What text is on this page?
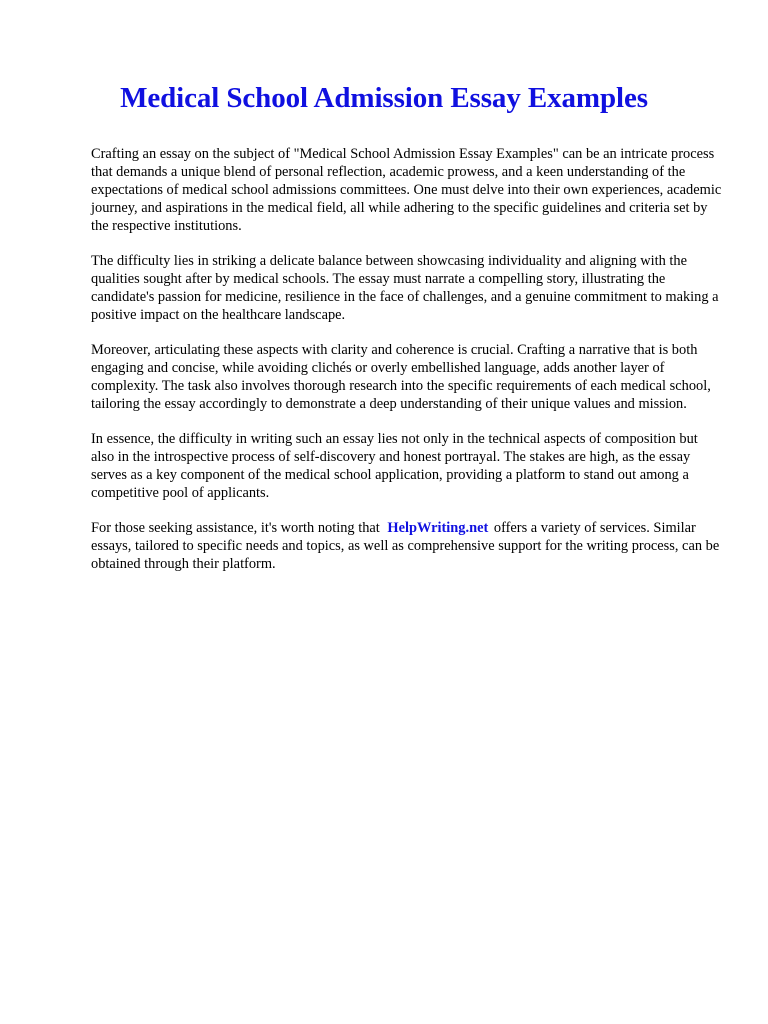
Medical School Admission Essay Examples

Crafting an essay on the subject of "Medical School Admission Essay Examples" can be an intricate process that demands a unique blend of personal reflection, academic prowess, and a keen understanding of the expectations of medical school admissions committees. One must delve into their own experiences, academic journey, and aspirations in the medical field, all while adhering to the specific guidelines and criteria set by the respective institutions.

The difficulty lies in striking a delicate balance between showcasing individuality and aligning with the qualities sought after by medical schools. The essay must narrate a compelling story, illustrating the candidate's passion for medicine, resilience in the face of challenges, and a genuine commitment to making a positive impact on the healthcare landscape.

Moreover, articulating these aspects with clarity and coherence is crucial. Crafting a narrative that is both engaging and concise, while avoiding clichés or overly embellished language, adds another layer of complexity. The task also involves thorough research into the specific requirements of each medical school, tailoring the essay accordingly to demonstrate a deep understanding of their unique values and mission.

In essence, the difficulty in writing such an essay lies not only in the technical aspects of composition but also in the introspective process of self-discovery and honest portrayal. The stakes are high, as the essay serves as a key component of the medical school application, providing a platform to stand out among a competitive pool of applicants.

For those seeking assistance, it's worth noting that HelpWriting.net offers a variety of services. Similar essays, tailored to specific needs and topics, as well as comprehensive support for the writing process, can be obtained through their platform.
